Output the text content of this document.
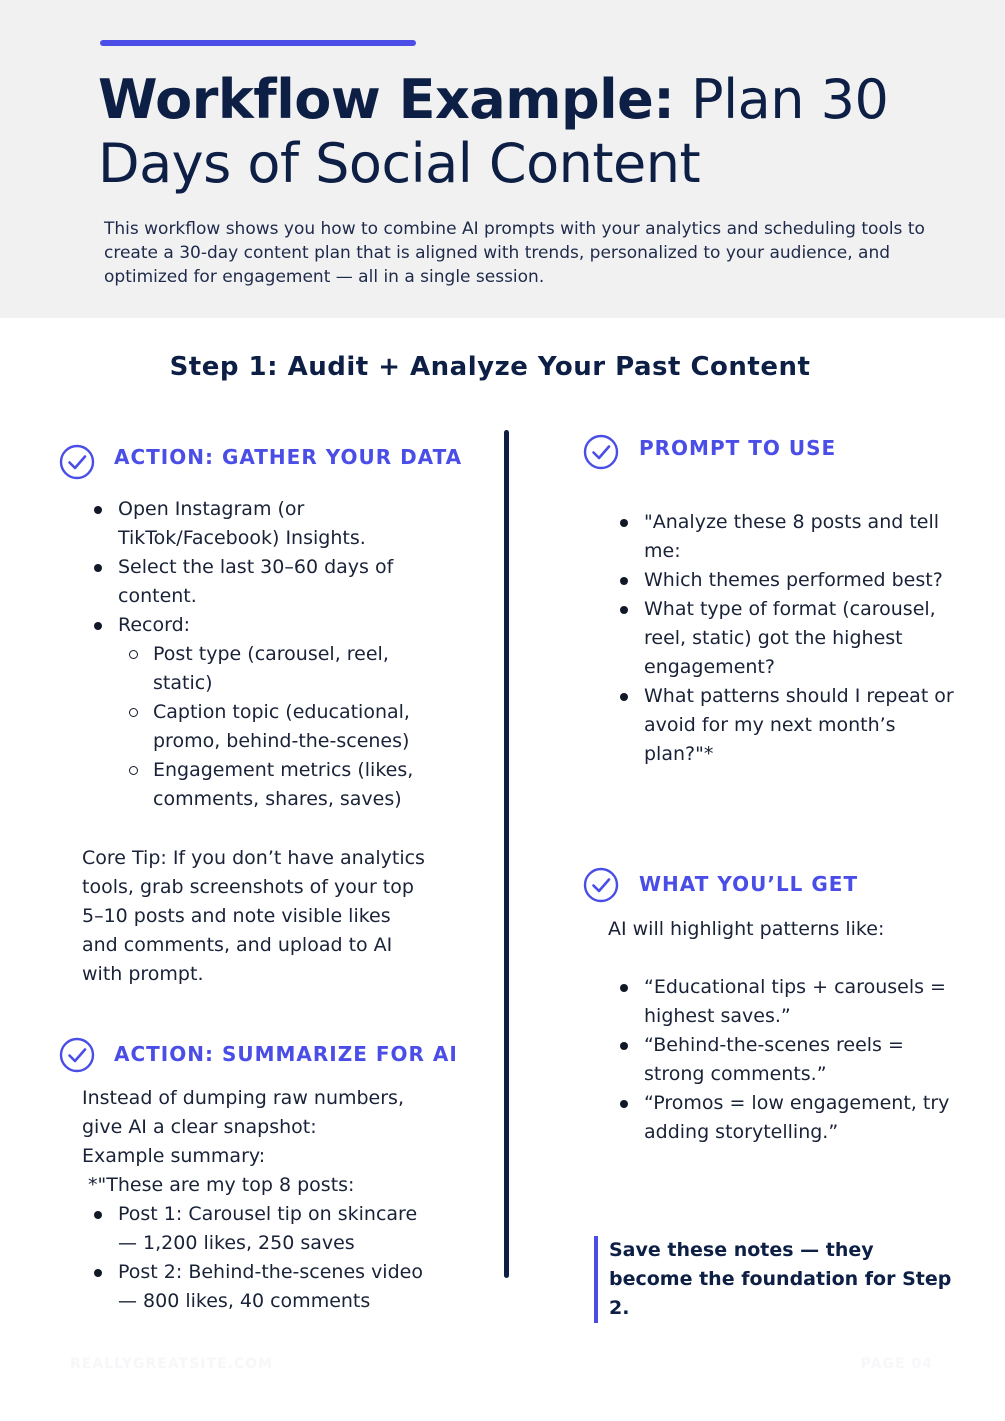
Workflow Example: Plan 30
Days of Social Content

This workflow shows you how to combine AI prompts with your analytics and scheduling tools to create a 30-day content plan that is aligned with trends, personalized to your audience, and optimized for engagement — all in a single session.

Step 1: Audit + Analyze Your Past Content
ACTION: GATHER YOUR DATA
Open Instagram (or TikTok/Facebook) Insights.
Select the last 30–60 days of content.
Record:
Post type (carousel, reel, static)
Caption topic (educational, promo, behind-the-scenes)
Engagement metrics (likes, comments, shares, saves)

Core Tip: If you don’t have analytics tools, grab screenshots of your top 5–10 posts and note visible likes and comments, and upload to AI with prompt.

ACTION: SUMMARIZE FOR AI

Instead of dumping raw numbers, give AI a clear snapshot:

Example summary:

*"These are my top 8 posts:

Post 1: Carousel tip on skincare — 1,200 likes, 250 saves
Post 2: Behind-the-scenes video — 800 likes, 40 comments
PROMPT TO USE
"Analyze these 8 posts and tell me:
Which themes performed best?
What type of format (carousel, reel, static) got the highest engagement?
What patterns should I repeat or avoid for my next month’s plan?"*
WHAT YOU’LL GET

AI will highlight patterns like:

“Educational tips + carousels = highest saves.”
“Behind-the-scenes reels = strong comments.”
“Promos = low engagement, try adding storytelling.”
Save these notes — they become the foundation for Step 2.
REALLYGREATSITE.COM	PAGE 04
